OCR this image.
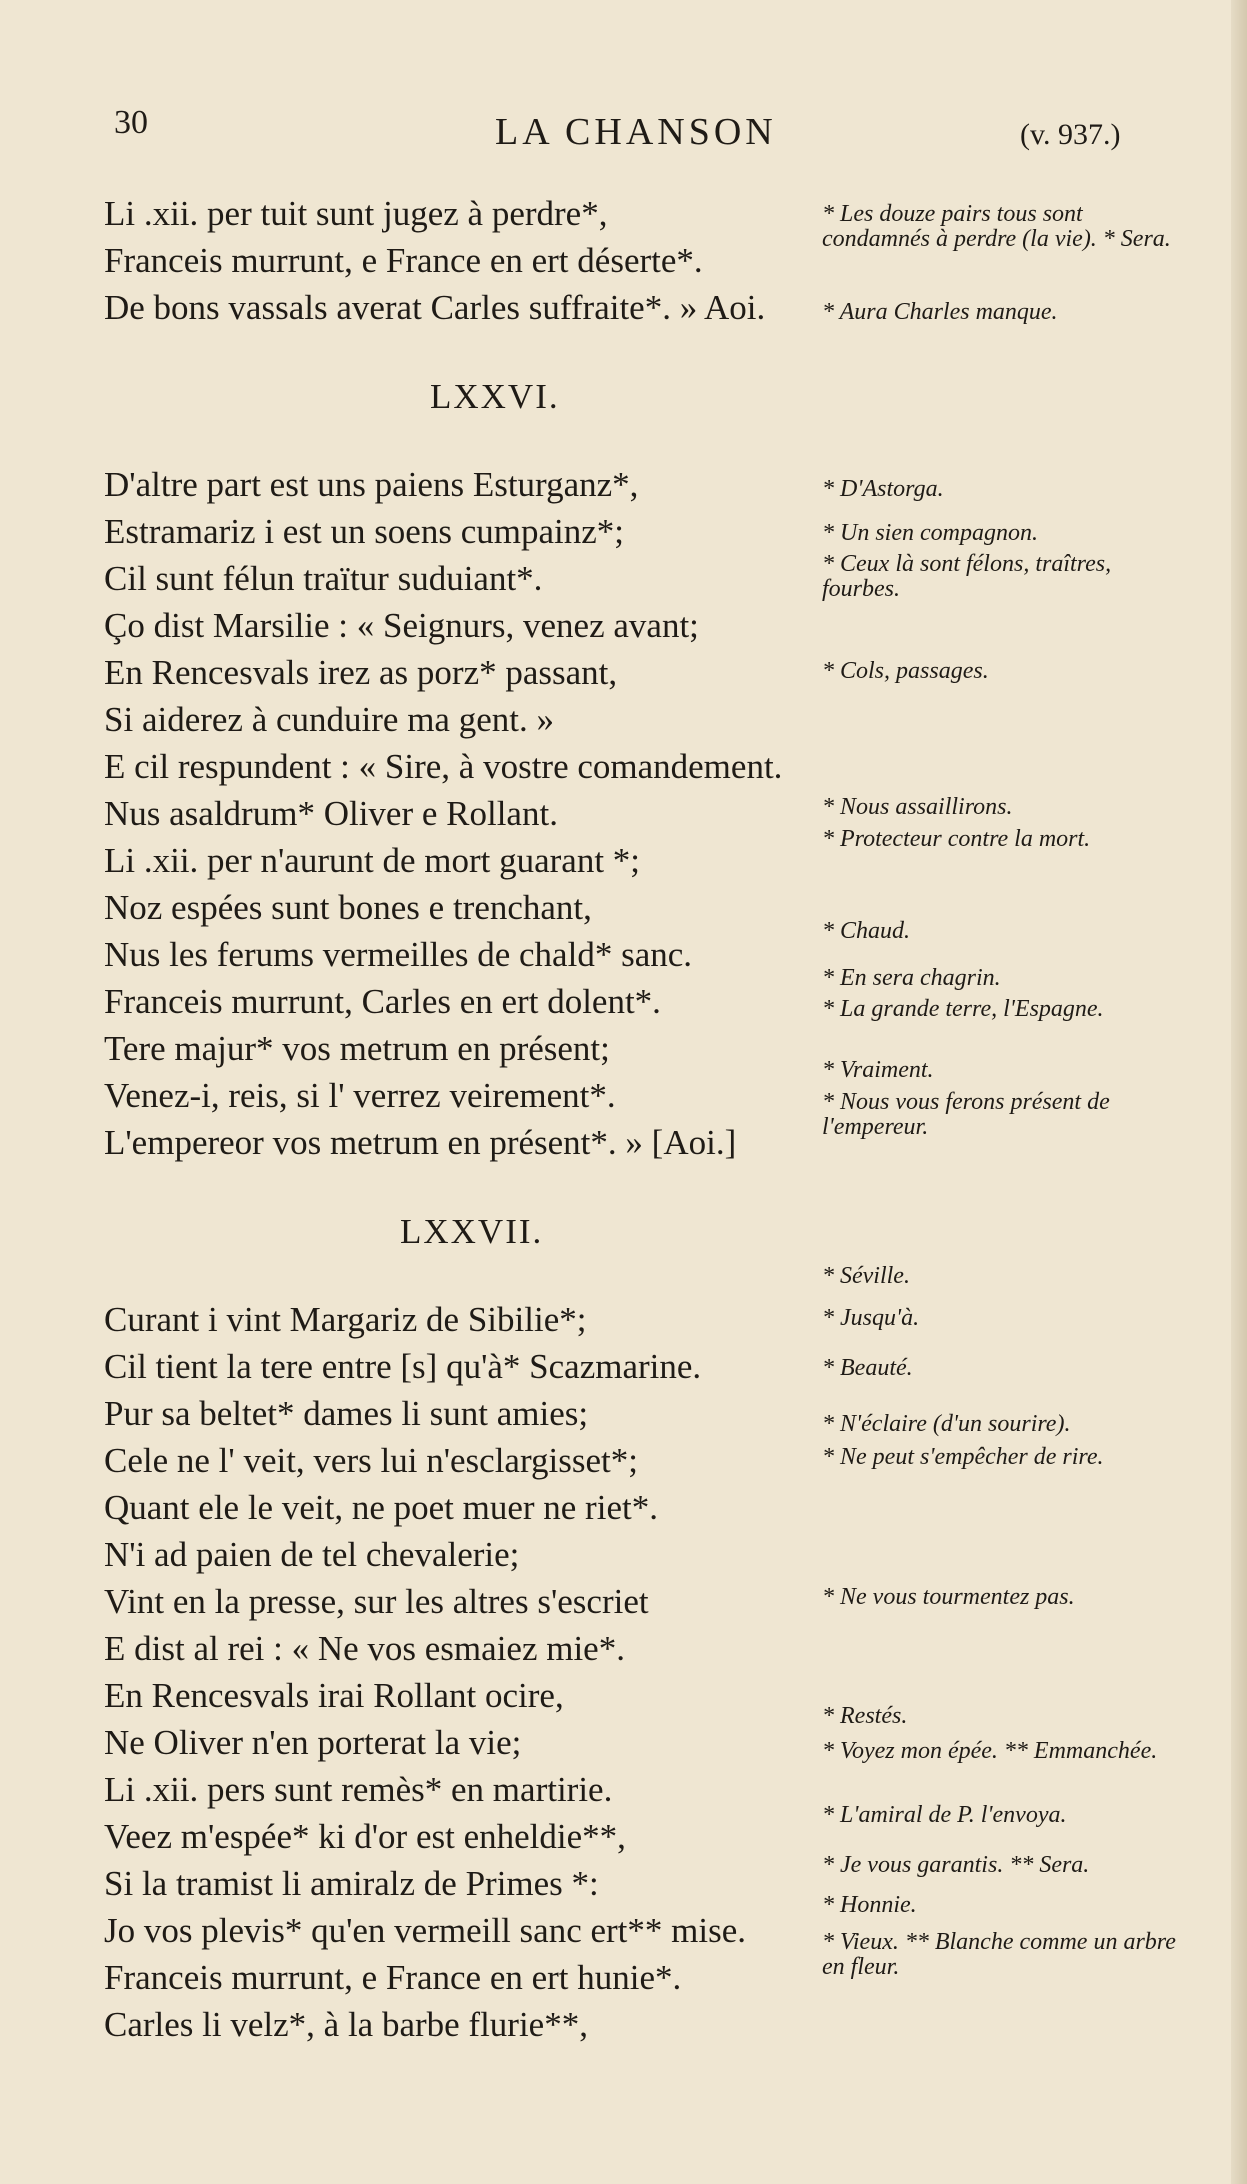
30	LA CHANSON	(v. 937.)
Li .xii. per tuit sunt jugez à perdre*,
Franceis murrunt, e France en ert déserte*.
De bons vassals averat Carles suffraite*. » Aoi.
LXXVI.
D'altre part est uns paiens Esturganz*,
Estramariz i est un soens cumpainz*;
Cil sunt félun traïtur suduiant*.
Ço dist Marsilie : « Seignurs, venez avant;
En Rencesvals irez as porz* passant,
Si aiderez à cunduire ma gent. »
E cil respundent : « Sire, à vostre comandement.
Nus asaldrum* Oliver e Rollant.
Li .xii. per n'aurunt de mort guarant *;
Noz espées sunt bones e trenchant,
Nus les ferums vermeilles de chald* sanc.
Franceis murrunt, Carles en ert dolent*.
Tere majur* vos metrum en présent;
Venez-i, reis, si l' verrez veirement*.
L'empereor vos metrum en présent*. » [Aoi.]
LXXVII.
Curant i vint Margariz de Sibilie*;
Cil tient la tere entre [s] qu'à* Scazmarine.
Pur sa beltet* dames li sunt amies;
Cele ne l' veit, vers lui n'esclargisset*;
Quant ele le veit, ne poet muer ne riet*.
N'i ad paien de tel chevalerie;
Vint en la presse, sur les altres s'escriet
E dist al rei : « Ne vos esmaiez mie*.
En Rencesvals irai Rollant ocire,
Ne Oliver n'en porterat la vie;
Li .xii. pers sunt remès* en martirie.
Veez m'espée* ki d'or est enheldie**,
Si la tramist li amiralz de Primes *:
Jo vos plevis* qu'en vermeill sanc ert** mise.
Franceis murrunt, e France en ert hunie*.
Carles li velz*, à la barbe flurie**,
* Les douze pairs tous sont condamnés à perdre (la vie). * Sera.
* Aura Charles manque.
* D'Astorga.
* Un sien compagnon.
* Ceux là sont félons, traîtres, fourbes.
* Cols, passages.
* Nous assaillirons.
* Protecteur contre la mort.
* Chaud.
* En sera chagrin.
* La grande terre, l'Espagne.
* Vraiment.
* Nous vous ferons présent de l'empereur.
* Séville.
* Jusqu'à.
* Beauté.
* N'éclaire (d'un sourire).
* Ne peut s'empêcher de rire.
* Ne vous tourmentez pas.
* Restés.
* Voyez mon épée. ** Emmanchée.
* L'amiral de P. l'envoya.
* Je vous garantis. ** Sera.
* Honnie.
* Vieux. ** Blanche comme un arbre en fleur.
